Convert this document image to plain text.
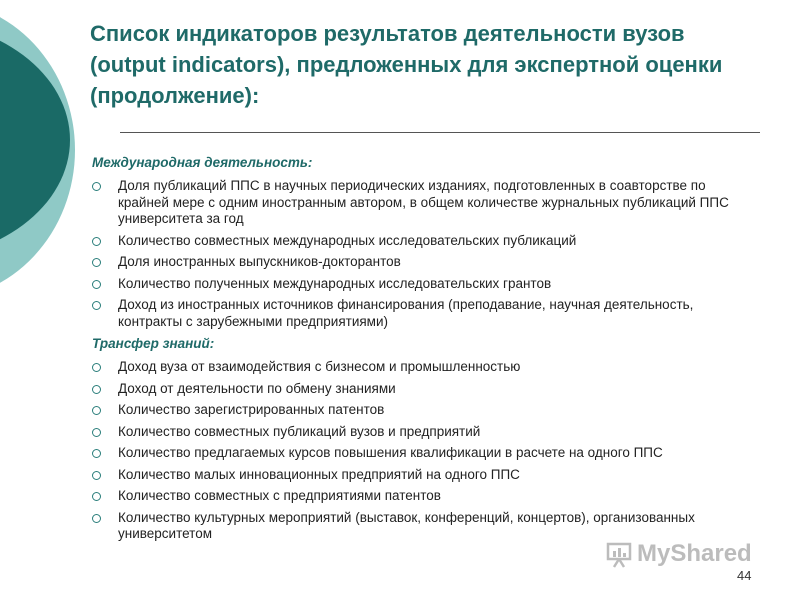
Список индикаторов результатов деятельности вузов (output indicators), предложенных для экспертной оценки (продолжение):
Международная деятельность:
Доля публикаций ППС в научных периодических изданиях, подготовленных в соавторстве по крайней мере с одним иностранным автором, в общем количестве журнальных публикаций ППС университета за год
Количество совместных международных исследовательских публикаций
Доля иностранных выпускников-докторантов
Количество полученных международных исследовательских грантов
Доход из иностранных источников финансирования (преподавание, научная деятельность, контракты с зарубежными предприятиями)
Трансфер знаний:
Доход вуза от взаимодействия с бизнесом и промышленностью
Доход от деятельности по обмену знаниями
Количество зарегистрированных патентов
Количество совместных публикаций вузов и предприятий
Количество предлагаемых курсов повышения квалификации в расчете на одного ППС
Количество малых инновационных предприятий на одного ППС
Количество совместных с предприятиями патентов
Количество культурных мероприятий (выставок, конференций, концертов), организованных университетом
MyShared
44
